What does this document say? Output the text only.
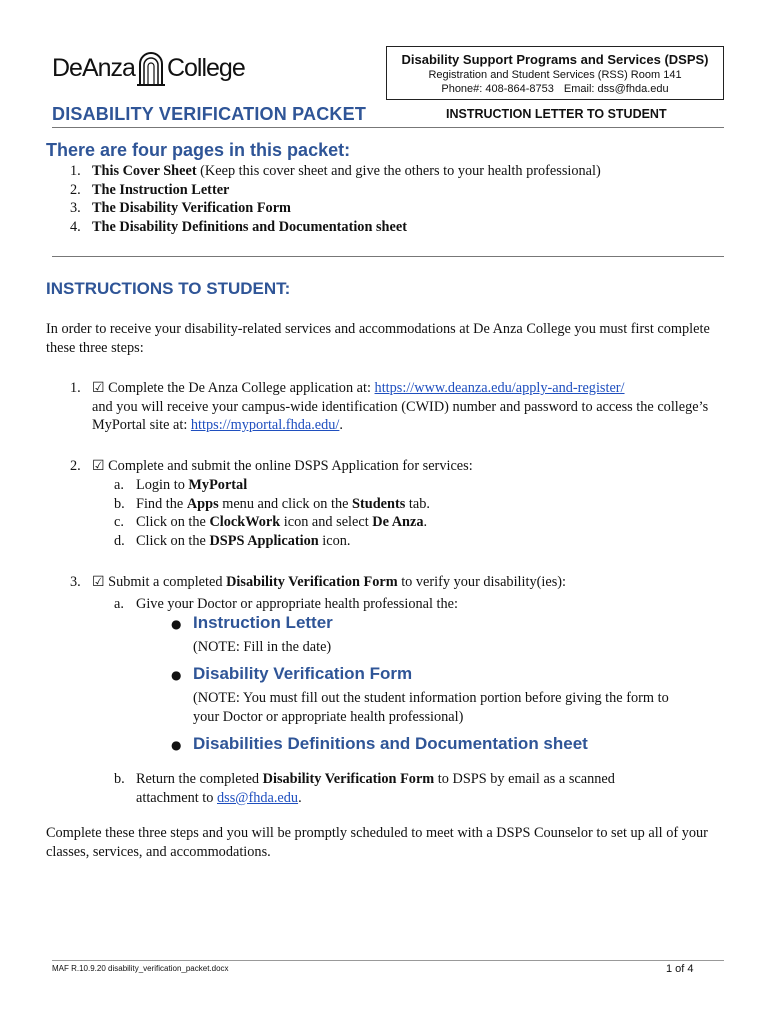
DeAnza College	Disability Support Programs and Services (DSPS)
Registration and Student Services (RSS) Room 141
Phone#: 408-864-8753 Email: dss@fhda.edu
DISABILITY VERIFICATION PACKET	INSTRUCTION LETTER TO STUDENT
There are four pages in this packet:
1. This Cover Sheet (Keep this cover sheet and give the others to your health professional)
2. The Instruction Letter
3. The Disability Verification Form
4. The Disability Definitions and Documentation sheet
INSTRUCTIONS TO STUDENT:
In order to receive your disability-related services and accommodations at De Anza College you must first complete these three steps:
1. ☑ Complete the De Anza College application at: https://www.deanza.edu/apply-and-register/
and you will receive your campus-wide identification (CWID) number and password to access the college’s MyPortal site at: https://myportal.fhda.edu/.
2. ☑ Complete and submit the online DSPS Application for services:
a. Login to MyPortal
b. Find the Apps menu and click on the Students tab.
c. Click on the ClockWork icon and select De Anza.
d. Click on the DSPS Application icon.
3. ☑ Submit a completed Disability Verification Form to verify your disability(ies):
a. Give your Doctor or appropriate health professional the:
● Instruction Letter
(NOTE: Fill in the date)
● Disability Verification Form
(NOTE: You must fill out the student information portion before giving the form to
your Doctor or appropriate health professional)
● Disabilities Definitions and Documentation sheet
b. Return the completed Disability Verification Form to DSPS by email as a scanned
attachment to dss@fhda.edu.
Complete these three steps and you will be promptly scheduled to meet with a DSPS Counselor to set up all of your classes, services, and accommodations.
MAF R.10.9.20 disability_verification_packet.docx	1 of 4
